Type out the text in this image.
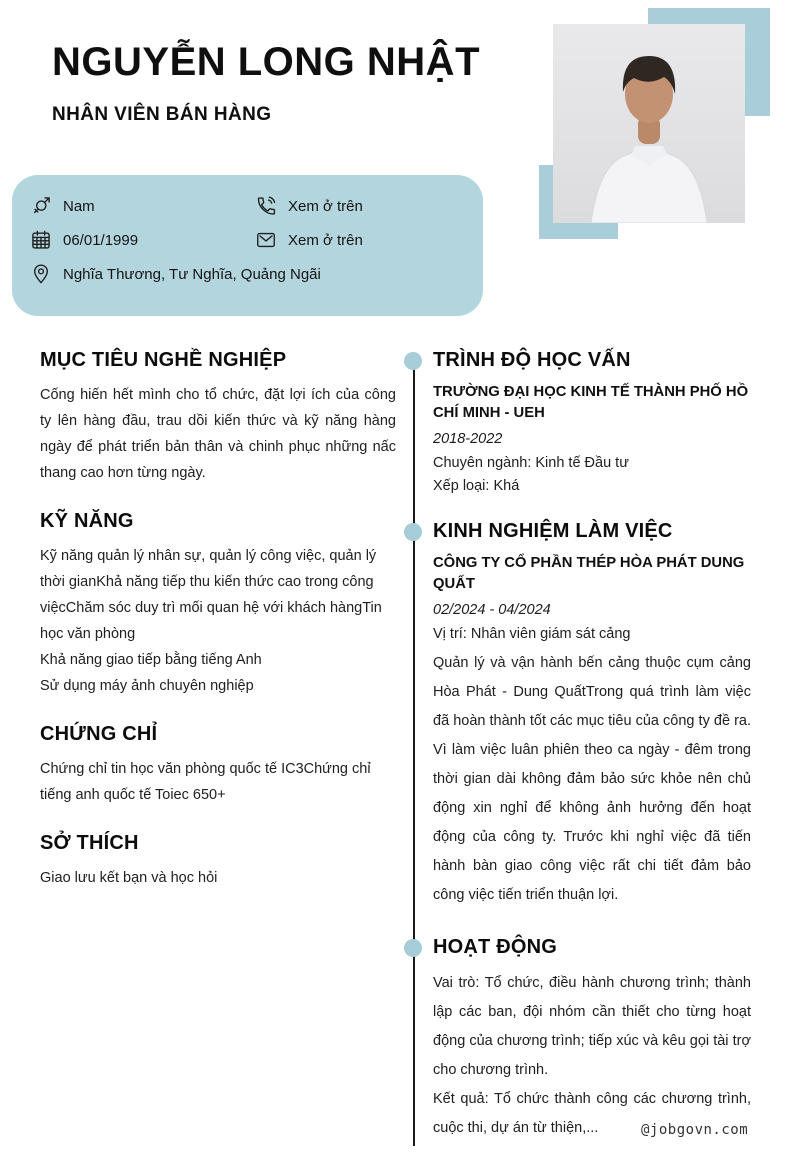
NGUYỄN LONG NHẬT
NHÂN VIÊN BÁN HÀNG
Nam	Xem ở trên
06/01/1999	Xem ở trên
Nghĩa Thương, Tư Nghĩa, Quảng Ngãi
MỤC TIÊU NGHỀ NGHIỆP

Cống hiến hết mình cho tổ chức, đặt lợi ích của công ty lên hàng đầu, trau dồi kiến thức và kỹ năng hàng ngày để phát triển bản thân và chinh phục những nấc thang cao hơn từng ngày.

KỸ NĂNG
Kỹ năng quản lý nhân sự, quản lý công việc, quản lý thời gianKhả năng tiếp thu kiến thức cao trong công việcChăm sóc duy trì mối quan hệ với khách hàngTin học văn phòng
Khả năng giao tiếp bằng tiếng Anh
Sử dụng máy ảnh chuyên nghiệp
CHỨNG CHỈ

Chứng chỉ tin học văn phòng quốc tế IC3Chứng chỉ tiếng anh quốc tế Toiec 650+

SỞ THÍCH

Giao lưu kết bạn và học hỏi

TRÌNH ĐỘ HỌC VẤN

TRƯỜNG ĐẠI HỌC KINH TẾ THÀNH PHỐ HỒ CHÍ MINH - UEH

2018-2022

Chuyên ngành: Kinh tế Đầu tư

Xếp loại: Khá

KINH NGHIỆM LÀM VIỆC

CÔNG TY CỔ PHẦN THÉP HÒA PHÁT DUNG QUẤT

02/2024 - 04/2024

Vị trí: Nhân viên giám sát cảng

Quản lý và vận hành bến cảng thuộc cụm cảng Hòa Phát - Dung QuấtTrong quá trình làm việc đã hoàn thành tốt các mục tiêu của công ty đề ra. Vì làm việc luân phiên theo ca ngày - đêm trong thời gian dài không đảm bảo sức khỏe nên chủ động xin nghỉ để không ảnh hưởng đến hoạt động của công ty. Trước khi nghỉ việc đã tiến hành bàn giao công việc rất chi tiết đảm bảo công việc tiến triển thuận lợi.

HOẠT ĐỘNG

Vai trò: Tổ chức, điều hành chương trình; thành lập các ban, đội nhóm cần thiết cho từng hoạt động của chương trình; tiếp xúc và kêu gọi tài trợ cho chương trình.

Kết quả: Tổ chức thành công các chương trình, cuộc thi, dự án từ thiện,...	@jobgovn.com
